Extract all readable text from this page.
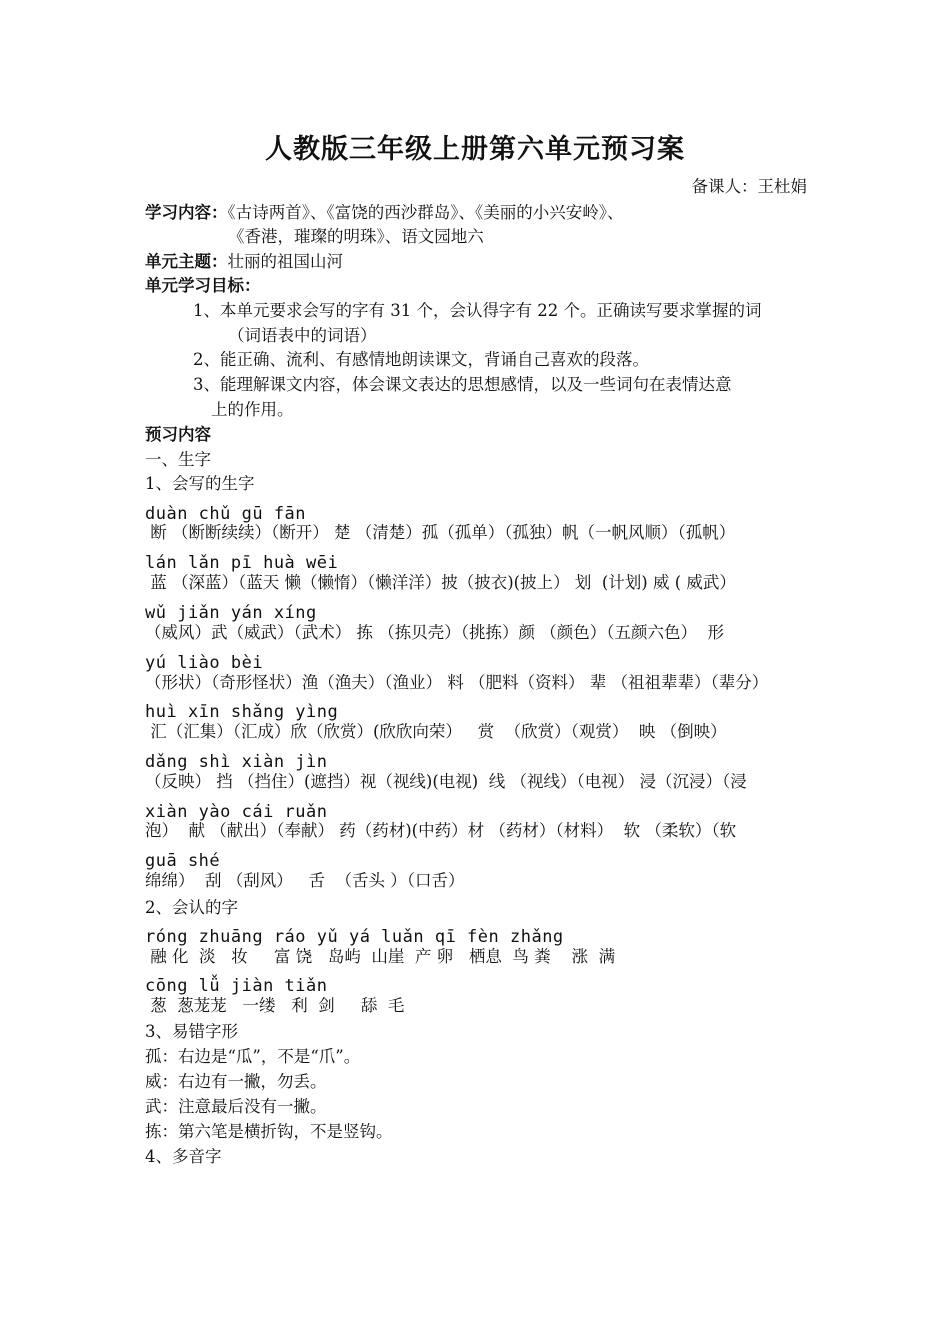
人教版三年级上册第六单元预习案
备课人：王杜娟
学习内容：《古诗两首》、《富饶的西沙群岛》、《美丽的小兴安岭》、
《香港，璀璨的明珠》、语文园地六
单元主题：壮丽的祖国山河
单元学习目标：
1、本单元要求会写的字有 31 个，会认得字有 22 个。正确读写要求掌握的词
（词语表中的词语）
2、能正确、流利、有感情地朗读课文，背诵自己喜欢的段落。
3、能理解课文内容，体会课文表达的思想感情，以及一些词句在表情达意
上的作用。
预习内容
一、生字
1、会写的生字
duàn chǔ gū fān
断 （断断续续）（断开） 楚 （清楚）孤（孤单）（孤独）帆（一帆风顺）（孤帆）
lán lǎn pī huà wēi
蓝 （深蓝）（蓝天 懒（懒惰）（懒洋洋）披（披衣)(披上） 划  (计划) 威 ( 威武）
wǔ jiǎn yán xíng
（威风）武（威武）（武术） 拣 （拣贝壳）（挑拣）颜 （颜色）（五颜六色）  形
yú liào bèi
（形状）（奇形怪状）渔（渔夫）（渔业） 料 （肥料（资料） 辈 （祖祖辈辈）（辈分）
huì xīn shǎng yìng
汇（汇集）（汇成）欣（欣赏）(欣欣向荣）   赏  （欣赏）（观赏）  映 （倒映）
dǎng shì xiàn jìn
（反映） 挡 （挡住）(遮挡）视（视线)(电视)  线 （视线）（电视） 浸（沉浸）（浸
xiàn yào cái ruǎn
泡）  献 （献出）（奉献） 药（药材)(中药）材 （药材）（材料）  软 （柔软）（软
guā shé
绵绵）  刮 （刮风）   舌  （舌头 ）（口舌）
2、会认的字
róng zhuāng ráo yǔ yá luǎn qī fèn zhǎng
融 化  淡   妆     富 饶   岛屿  山崖  产 卵   栖息  鸟 粪    涨  满
cōng lǚ jiàn tiǎn
葱  葱茏茏   一缕   利  剑     舔  毛
3、易错字形
孤：右边是“瓜”，不是“爪”。
威：右边有一撇，勿丢。
武：注意最后没有一撇。
拣：第六笔是横折钩，不是竖钩。
4、多音字
